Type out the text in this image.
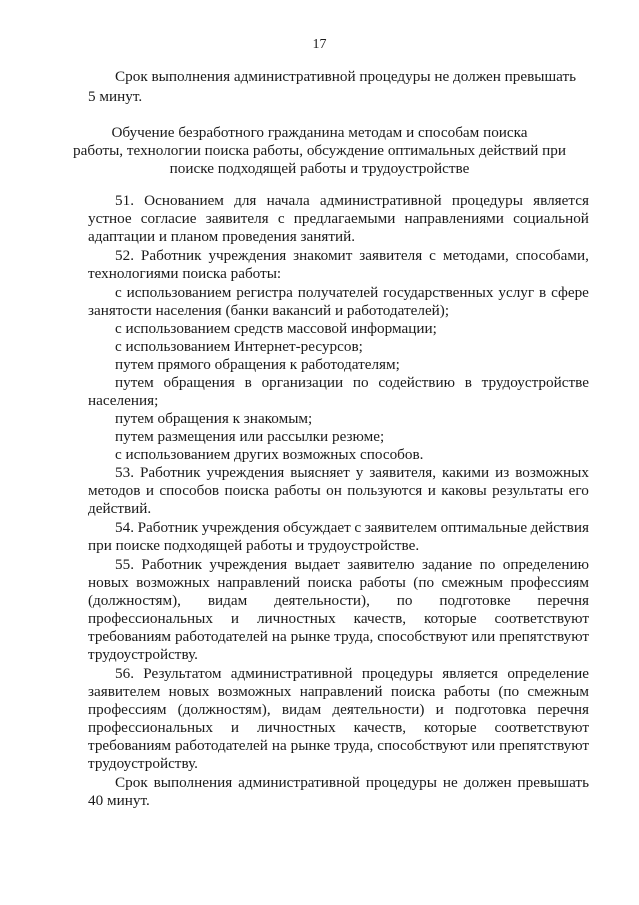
17
Срок выполнения административной процедуры не должен превышать
5 минут.
Обучение безработного гражданина методам и способам поиска
работы, технологии поиска работы, обсуждение оптимальных действий при
поиске подходящей работы и трудоустройстве
51. Основанием для начала административной процедуры является
устное согласие заявителя с предлагаемыми направлениями социальной
адаптации и планом проведения занятий.
52. Работник учреждения знакомит заявителя с методами, способами,
технологиями поиска работы:
с использованием регистра получателей государственных услуг в сфере
занятости населения (банки вакансий и работодателей);
с использованием средств массовой информации;
с использованием Интернет-ресурсов;
путем прямого обращения к работодателям;
путем обращения в организации по содействию в трудоустройстве
населения;
путем обращения к знакомым;
путем размещения или рассылки резюме;
с использованием других возможных способов.
53. Работник учреждения выясняет у заявителя, какими из возможных
методов и способов поиска работы он пользуются и каковы результаты его
действий.
54. Работник учреждения обсуждает с заявителем оптимальные действия
при поиске подходящей работы и трудоустройстве.
55. Работник учреждения выдает заявителю задание по определению
новых возможных направлений поиска работы (по смежным профессиям
(должностям), видам деятельности), по подготовке перечня
профессиональных и личностных качеств, которые соответствуют
требованиям работодателей на рынке труда, способствуют или препятствуют
трудоустройству.
56. Результатом административной процедуры является определение
заявителем новых возможных направлений поиска работы (по смежным
профессиям (должностям), видам деятельности) и подготовка перечня
профессиональных и личностных качеств, которые соответствуют
требованиям работодателей на рынке труда, способствуют или препятствуют
трудоустройству.
Срок выполнения административной процедуры не должен превышать
40 минут.
